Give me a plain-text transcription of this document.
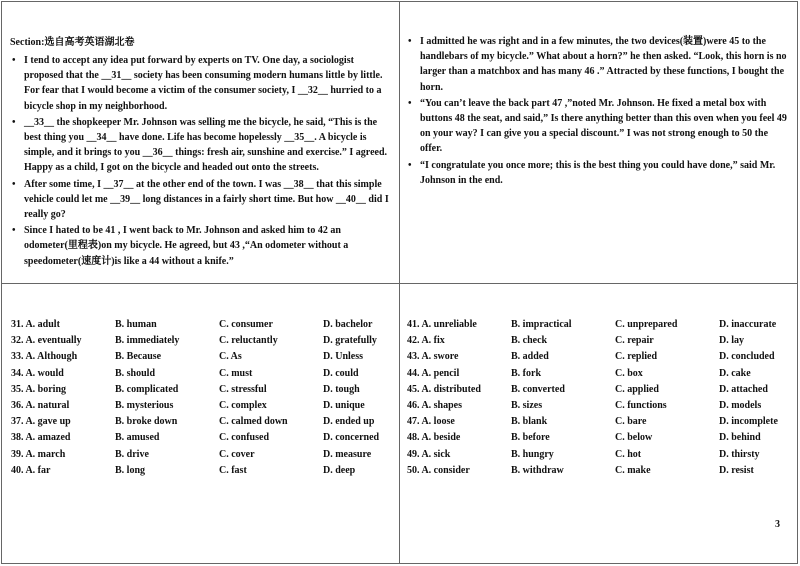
Section:选自高考英语湖北卷
• I tend to accept any idea put forward by experts on TV. One day, a sociologist proposed that the __31__ society has been consuming modern humans little by little. For fear that I would become a victim of the consumer society, I __32__ hurried to a bicycle shop in my neighborhood.
• __33__ the shopkeeper Mr. Johnson was selling me the bicycle, he said, “This is the best thing you __34__ have done. Life has become hopelessly __35__. A bicycle is simple, and it brings to you __36__ things: fresh air, sunshine and exercise.” I agreed. Happy as a child, I got on the bicycle and headed out onto the streets.
• After some time, I __37__ at the other end of the town. I was __38__ that this simple vehicle could let me __39__ long distances in a fairly short time. But how __40__ did I really go?
• Since I hated to be 41 , I went back to Mr. Johnson and asked him to 42 an odometer(里程表)on my bicycle. He agreed, but 43 ,“An odometer without a speedometer(速度计)is like a 44 without a knife.”
• I admitted he was right and in a few minutes, the two devices(装置)were 45 to the handlebars of my bicycle.” What about a horn?” he then asked. “Look, this horn is no larger than a matchbox and has many 46 .” Attracted by these functions, I bought the horn.
• “You can’t leave the back part 47 ,”noted Mr. Johnson. He fixed a metal box with buttons 48 the seat, and said,” Is there anything better than this oven when you feel 49 on your way? I can give you a special discount.” I was not strong enough to 50 the offer.
• “I congratulate you once more; this is the best thing you could have done,” said Mr. Johnson in the end.
31. A. adult	B. human	C. consumer	D. bachelor
32. A. eventually	B. immediately	C. reluctantly	D. gratefully
33. A. Although	B. Because	C. As	D. Unless
34. A. would	B. should	C. must	D. could
35. A. boring	B. complicated	C. stressful	D. tough
36. A. natural	B. mysterious	C. complex	D. unique
37. A. gave up	B. broke down	C. calmed down	D. ended up
38. A. amazed	B. amused	C. confused	D. concerned
39. A. march	B. drive	C. cover	D. measure
40. A. far	B. long	C. fast	D. deep
41. A. unreliable	B. impractical	C. unprepared	D. inaccurate
42. A. fix	B. check	C. repair	D. lay
43. A. swore	B. added	C. replied	D. concluded
44. A. pencil	B. fork	C. box	D. cake
45. A. distributed	B. converted	C. applied	D. attached
46. A. shapes	B. sizes	C. functions	D. models
47. A. loose	B. blank	C. bare	D. incomplete
48. A. beside	B. before	C. below	D. behind
49. A. sick	B. hungry	C. hot	D. thirsty
50. A. consider	B. withdraw	C. make	D. resist
3
